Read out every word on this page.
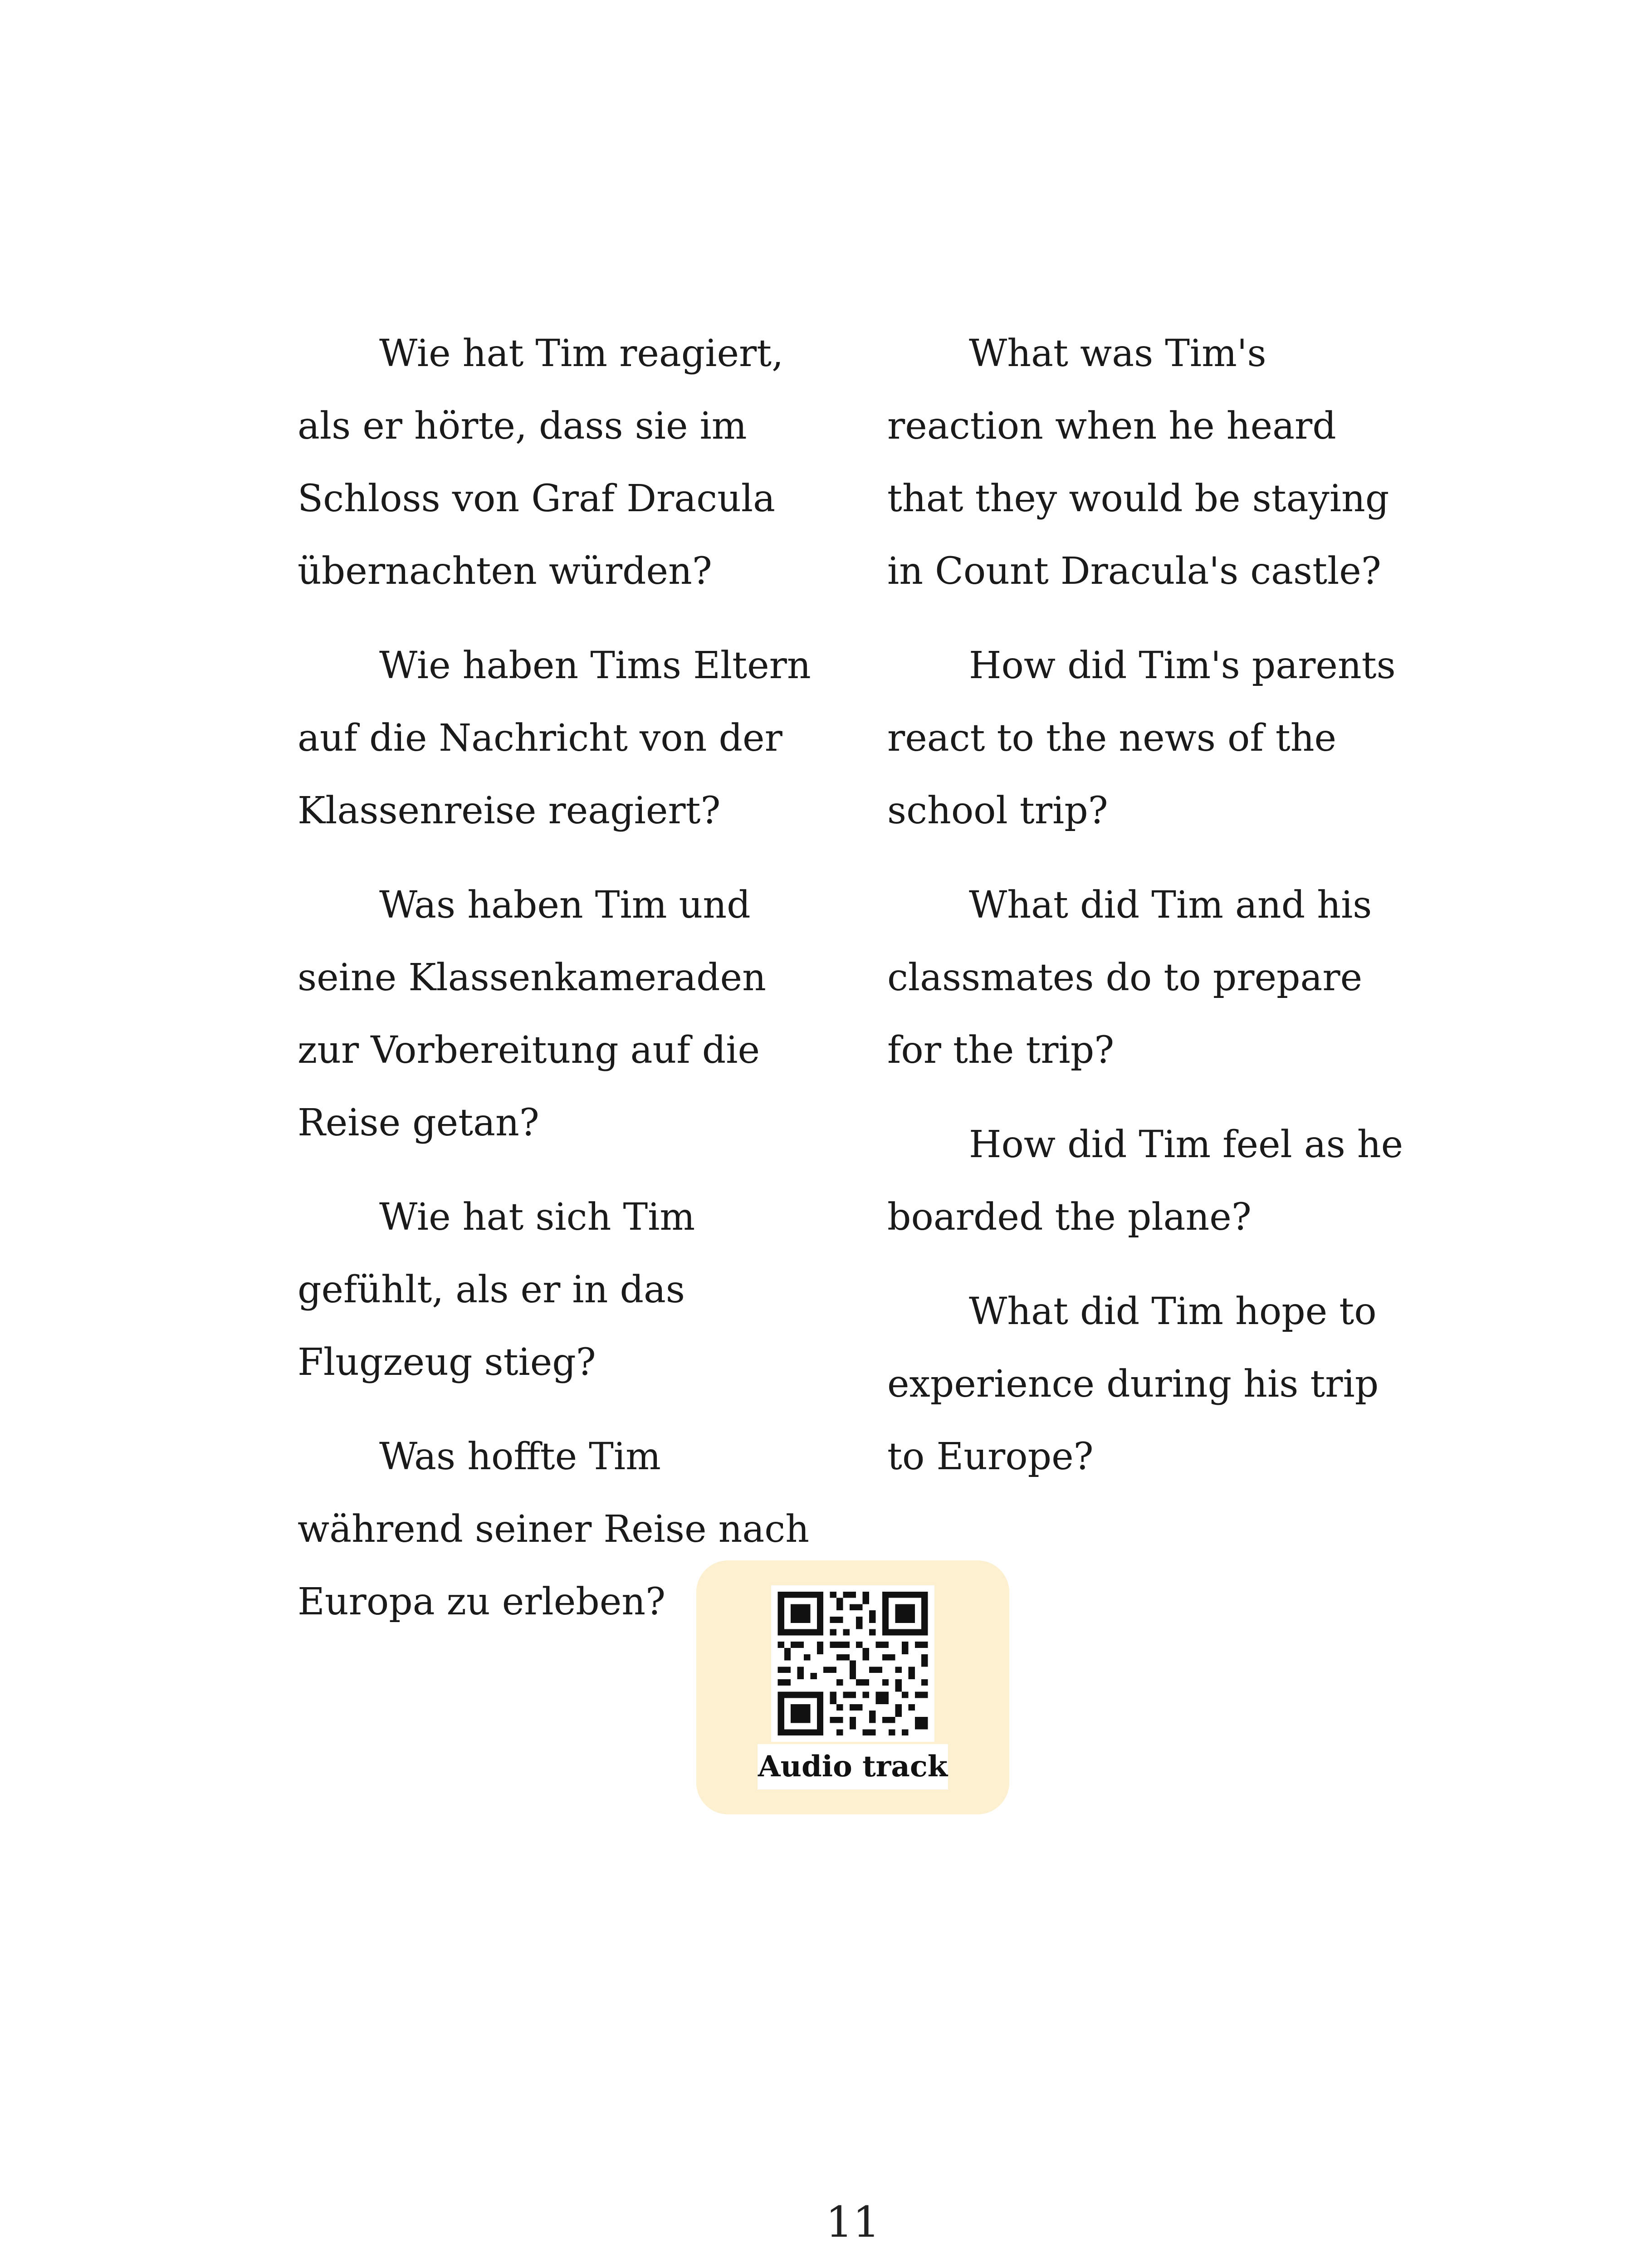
Wie hat Tim reagiert, als er hörte, dass sie im Schloss von Graf Dracula übernachten würden?

Wie haben Tims Eltern auf die Nachricht von der Klassenreise reagiert?

Was haben Tim und seine Klassenkameraden zur Vorbereitung auf die Reise getan?

Wie hat sich Tim gefühlt, als er in das Flugzeug stieg?

Was hoffte Tim während seiner Reise nach Europa zu erleben?

What was Tim's reaction when he heard that they would be staying in Count Dracula's castle?

How did Tim's parents react to the news of the school trip?

What did Tim and his classmates do to prepare for the trip?

How did Tim feel as he boarded the plane?

What did Tim hope to experience during his trip to Europe?

Audio track
11
